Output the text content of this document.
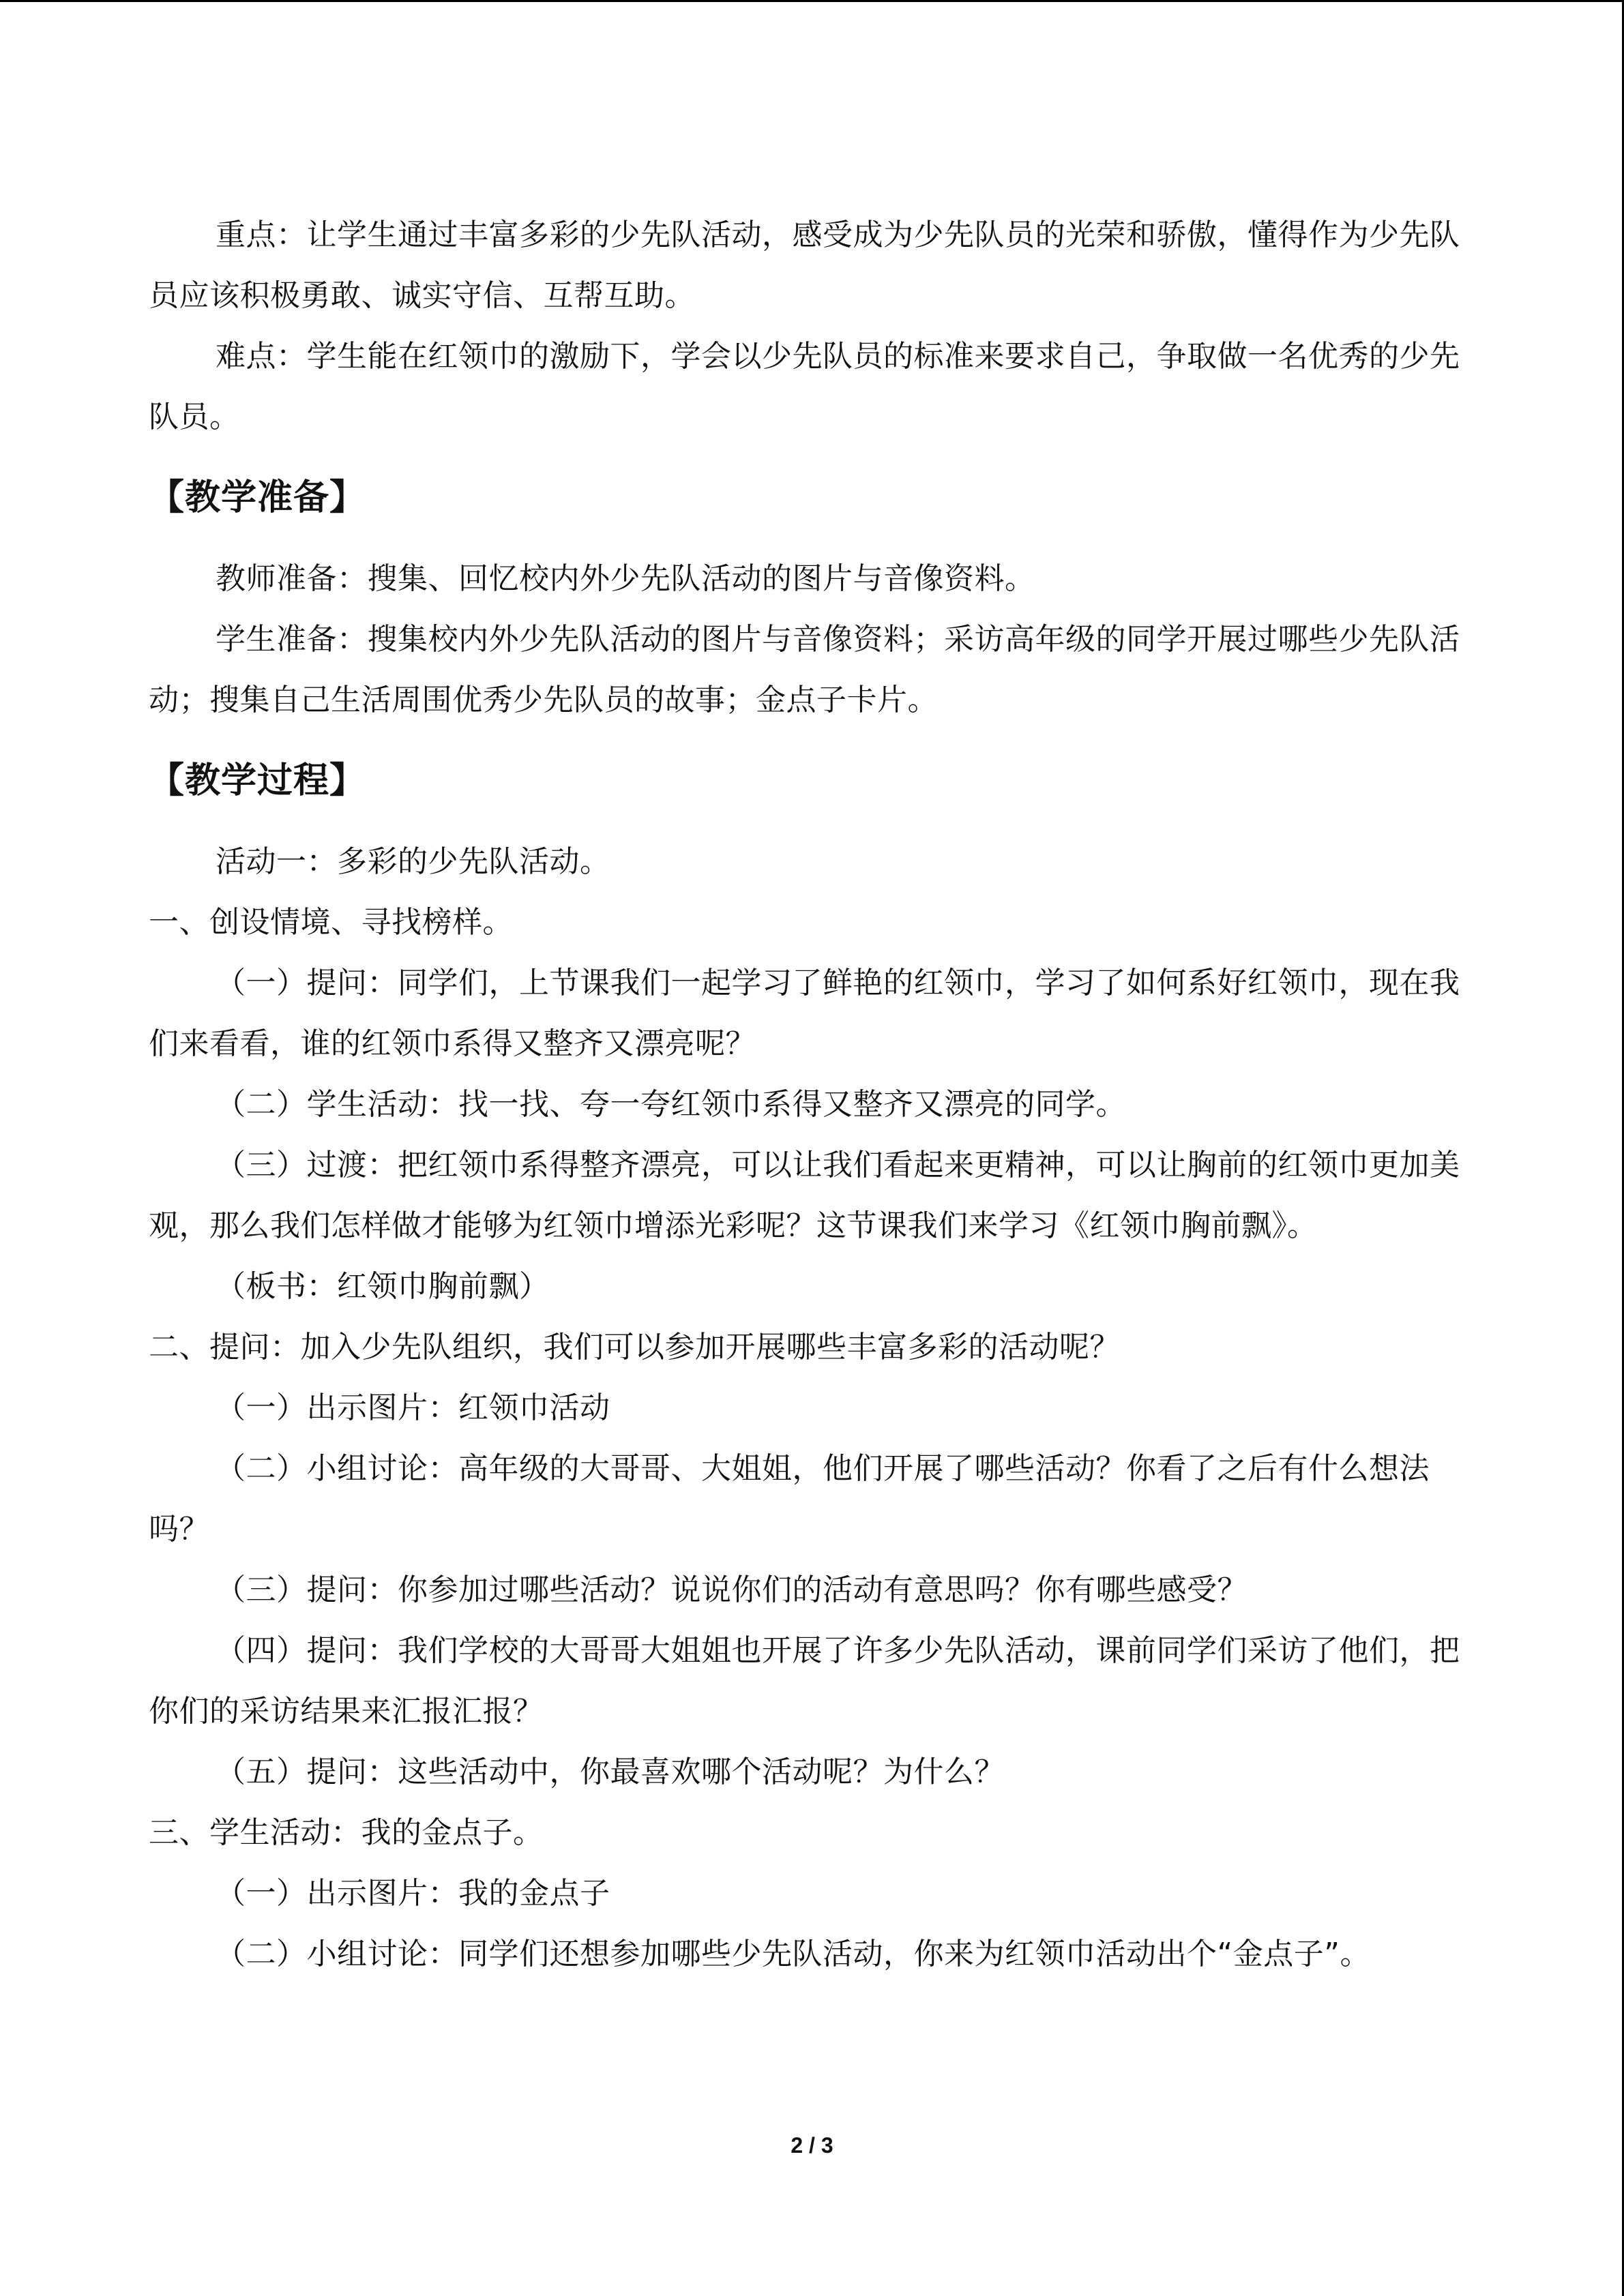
重点：让学生通过丰富多彩的少先队活动，感受成为少先队员的光荣和骄傲，懂得作为少先队员应该积极勇敢、诚实守信、互帮互助。

难点：学生能在红领巾的激励下，学会以少先队员的标准来要求自己，争取做一名优秀的少先队员。

【教学准备】

教师准备：搜集、回忆校内外少先队活动的图片与音像资料。

学生准备：搜集校内外少先队活动的图片与音像资料；采访高年级的同学开展过哪些少先队活动；搜集自己生活周围优秀少先队员的故事；金点子卡片。

【教学过程】

活动一：多彩的少先队活动。

一、创设情境、寻找榜样。

（一）提问：同学们，上节课我们一起学习了鲜艳的红领巾，学习了如何系好红领巾，现在我们来看看，谁的红领巾系得又整齐又漂亮呢？

（二）学生活动：找一找、夸一夸红领巾系得又整齐又漂亮的同学。

（三）过渡：把红领巾系得整齐漂亮，可以让我们看起来更精神，可以让胸前的红领巾更加美观，那么我们怎样做才能够为红领巾增添光彩呢？这节课我们来学习《红领巾胸前飘》。

（板书：红领巾胸前飘）

二、提问：加入少先队组织，我们可以参加开展哪些丰富多彩的活动呢？

（一）出示图片：红领巾活动

（二）小组讨论：高年级的大哥哥、大姐姐，他们开展了哪些活动？你看了之后有什么想法吗？

（三）提问：你参加过哪些活动？说说你们的活动有意思吗？你有哪些感受？

（四）提问：我们学校的大哥哥大姐姐也开展了许多少先队活动，课前同学们采访了他们，把你们的采访结果来汇报汇报？

（五）提问：这些活动中，你最喜欢哪个活动呢？为什么？

三、学生活动：我的金点子。

（一）出示图片：我的金点子

（二）小组讨论：同学们还想参加哪些少先队活动，你来为红领巾活动出个“金点子”。

2 / 3
